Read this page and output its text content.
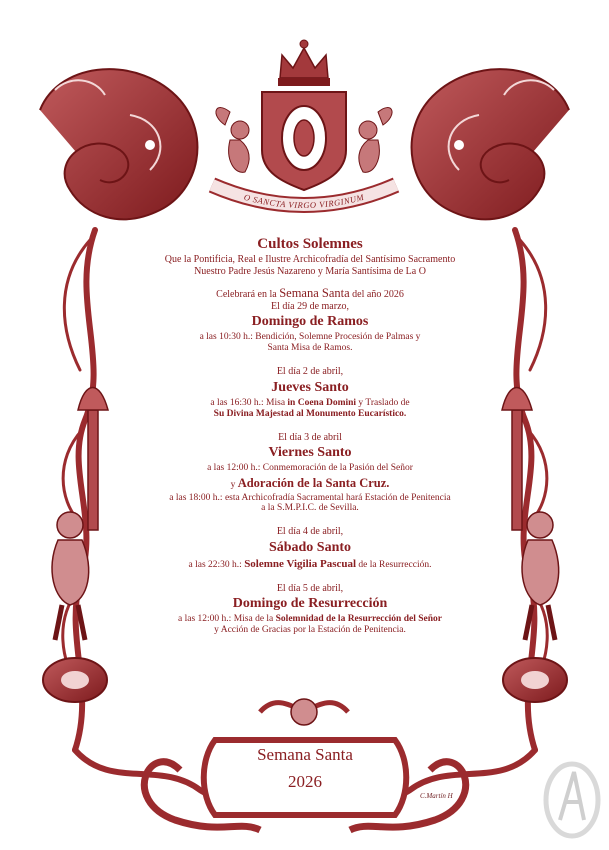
O SANCTA VIRGO VIRGINUM
Cultos Solemnes
Que la Pontificia, Real e Ilustre Archicofradía del Santísimo Sacramento
Nuestro Padre Jesús Nazareno y María Santísima de La O
Celebrará en la Semana Santa del año 2026
El día 29 de marzo,
Domingo de Ramos
a las 10:30 h.: Bendición, Solemne Procesión de Palmas y
Santa Misa de Ramos.
El día 2 de abril,
Jueves Santo
a las 16:30 h.: Misa in Coena Domini y Traslado de
Su Divina Majestad al Monumento Eucarístico.
El día 3 de abril
Viernes Santo
a las 12:00 h.: Conmemoración de la Pasión del Señor
y Adoración de la Santa Cruz.
a las 18:00 h.: esta Archicofradía Sacramental hará Estación de Penitencia
a la S.M.P.I.C. de Sevilla.
El día 4 de abril,
Sábado Santo
a las 22:30 h.: Solemne Vigilia Pascual de la Resurrección.
El día 5 de abril,
Domingo de Resurrección
a las 12:00 h.: Misa de la Solemnidad de la Resurrección del Señor
y Acción de Gracias por la Estación de Penitencia.
Semana Santa
2026
C.Martín H
